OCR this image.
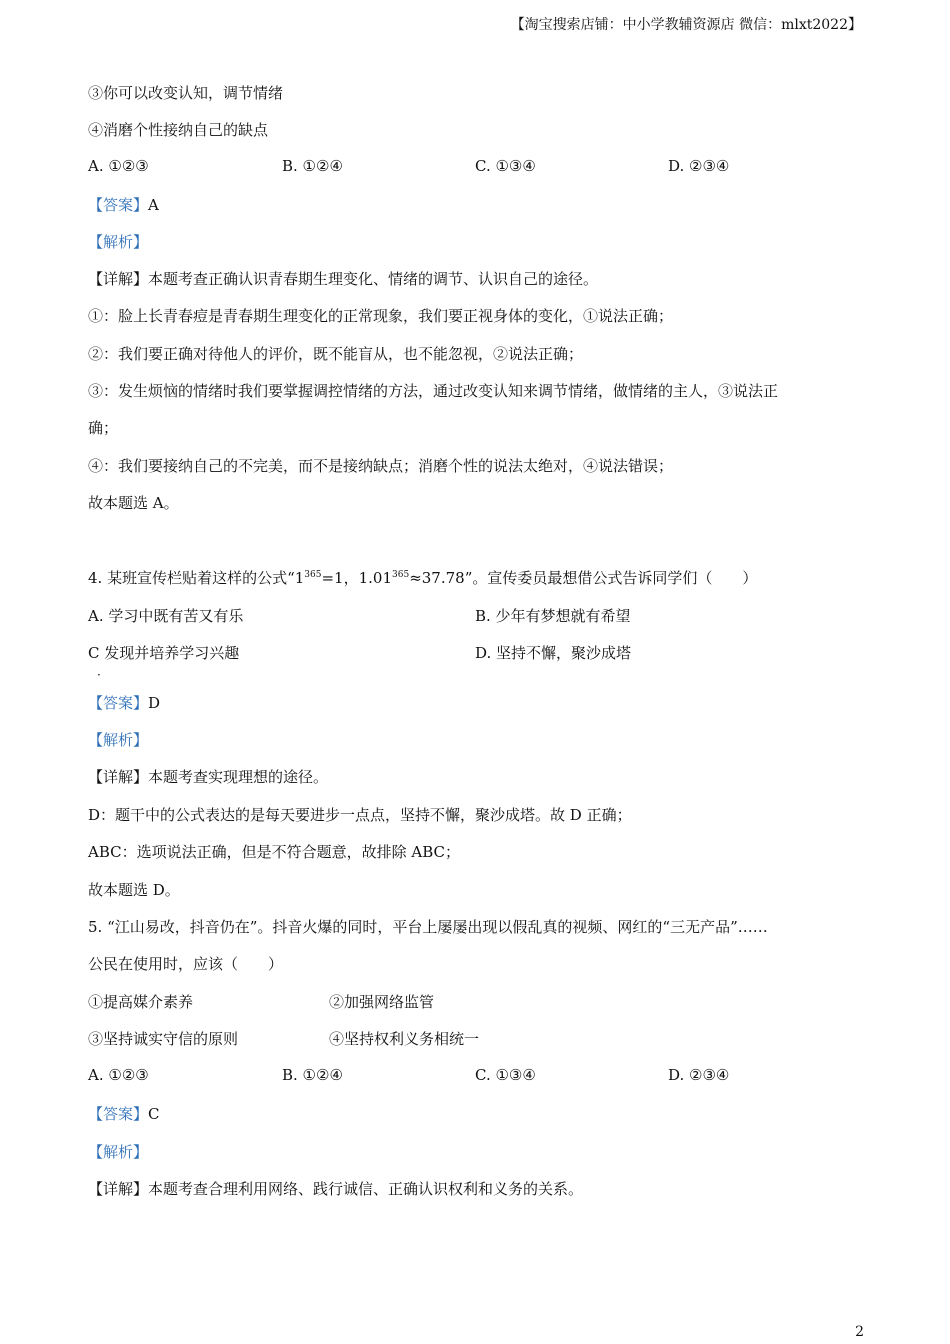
【淘宝搜索店铺：中小学教辅资源店 微信：mlxt2022】
③你可以改变认知，调节情绪
④消磨个性接纳自己的缺点
A. ①②③	B. ①②④	C. ①③④	D. ②③④
【答案】A
【解析】
【详解】本题考查正确认识青春期生理变化、情绪的调节、认识自己的途径。
①：脸上长青春痘是青春期生理变化的正常现象，我们要正视身体的变化，①说法正确；
②：我们要正确对待他人的评价，既不能盲从，也不能忽视，②说法正确；
③：发生烦恼的情绪时我们要掌握调控情绪的方法，通过改变认知来调节情绪，做情绪的主人，③说法正
确；
④：我们要接纳自己的不完美，而不是接纳缺点；消磨个性的说法太绝对，④说法错误；
故本题选 A。
4. 某班宣传栏贴着这样的公式“$1^{365}=1$，$1.01^{365}\approx 37.78$”。宣传委员最想借公式告诉同学们（　　）
A. 学习中既有苦又有乐	B. 少年有梦想就有希望
C 发现并培养学习兴趣	D. 坚持不懈，聚沙成塔
·
【答案】D
【解析】
【详解】本题考查实现理想的途径。
D：题干中的公式表达的是每天要进步一点点，坚持不懈，聚沙成塔。故 D 正确；
ABC：选项说法正确，但是不符合题意，故排除 ABC；
故本题选 D。
5. “江山易改，抖音仍在”。抖音火爆的同时，平台上屡屡出现以假乱真的视频、网红的“三无产品”……
公民在使用时，应该（　　）
①提高媒介素养	②加强网络监管
③坚持诚实守信的原则	④坚持权利义务相统一
A. ①②③	B. ①②④	C. ①③④	D. ②③④
【答案】C
【解析】
【详解】本题考查合理利用网络、践行诚信、正确认识权利和义务的关系。
2
